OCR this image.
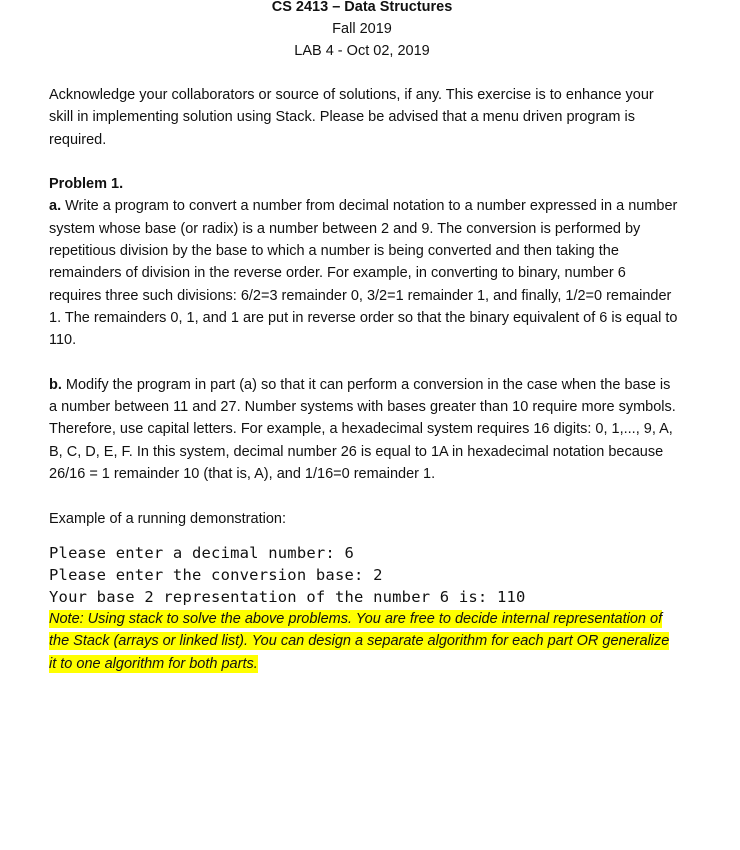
CS 2413 – Data Structures
Fall 2019
LAB 4 - Oct 02, 2019

Acknowledge your collaborators or source of solutions, if any. This exercise is to enhance your skill in implementing solution using Stack. Please be advised that a menu driven program is required.

Problem 1.

a. Write a program to convert a number from decimal notation to a number expressed in a number system whose base (or radix) is a number between 2 and 9. The conversion is performed by repetitious division by the base to which a number is being converted and then taking the remainders of division in the reverse order. For example, in converting to binary, number 6 requires three such divisions: 6/2=3 remainder 0, 3/2=1 remainder 1, and finally, 1/2=0 remainder 1. The remainders 0, 1, and 1 are put in reverse order so that the binary equivalent of 6 is equal to 110.

b. Modify the program in part (a) so that it can perform a conversion in the case when the base is a number between 11 and 27. Number systems with bases greater than 10 require more symbols. Therefore, use capital letters. For example, a hexadecimal system requires 16 digits: 0, 1,..., 9, A, B, C, D, E, F. In this system, decimal number 26 is equal to 1A in hexadecimal notation because 26/16 = 1 remainder 10 (that is, A), and 1/16=0 remainder 1.

Example of a running demonstration:

Please enter a decimal number: 6
Please enter the conversion base: 2
Your base 2 representation of the number 6 is: 110

Note: Using stack to solve the above problems. You are free to decide internal representation of the Stack (arrays or linked list). You can design a separate algorithm for each part OR generalize it to one algorithm for both parts.
